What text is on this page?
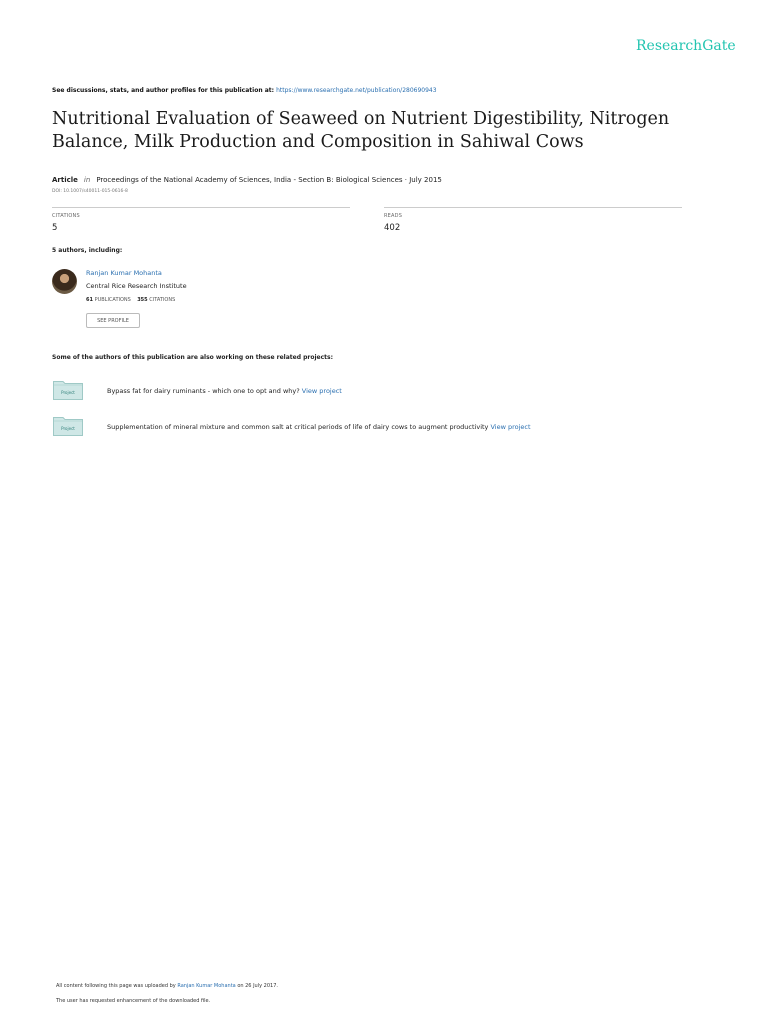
ResearchGate
See discussions, stats, and author profiles for this publication at: https://www.researchgate.net/publication/280690943
Nutritional Evaluation of Seaweed on Nutrient Digestibility, Nitrogen Balance, Milk Production and Composition in Sahiwal Cows
Article in Proceedings of the National Academy of Sciences, India - Section B: Biological Sciences · July 2015
DOI: 10.1007/s40011-015-0616-8
CITATIONS
5
READS
402
5 authors, including:
Ranjan Kumar Mohanta
Central Rice Research Institute
61 PUBLICATIONS 355 CITATIONS
SEE PROFILE
Some of the authors of this publication are also working on these related projects:
Project	Bypass fat for dairy ruminants - which one to opt and why? View project
Project	Supplementation of mineral mixture and common salt at critical periods of life of dairy cows to augment productivity View project
All content following this page was uploaded by Ranjan Kumar Mohanta on 26 July 2017.
The user has requested enhancement of the downloaded file.
